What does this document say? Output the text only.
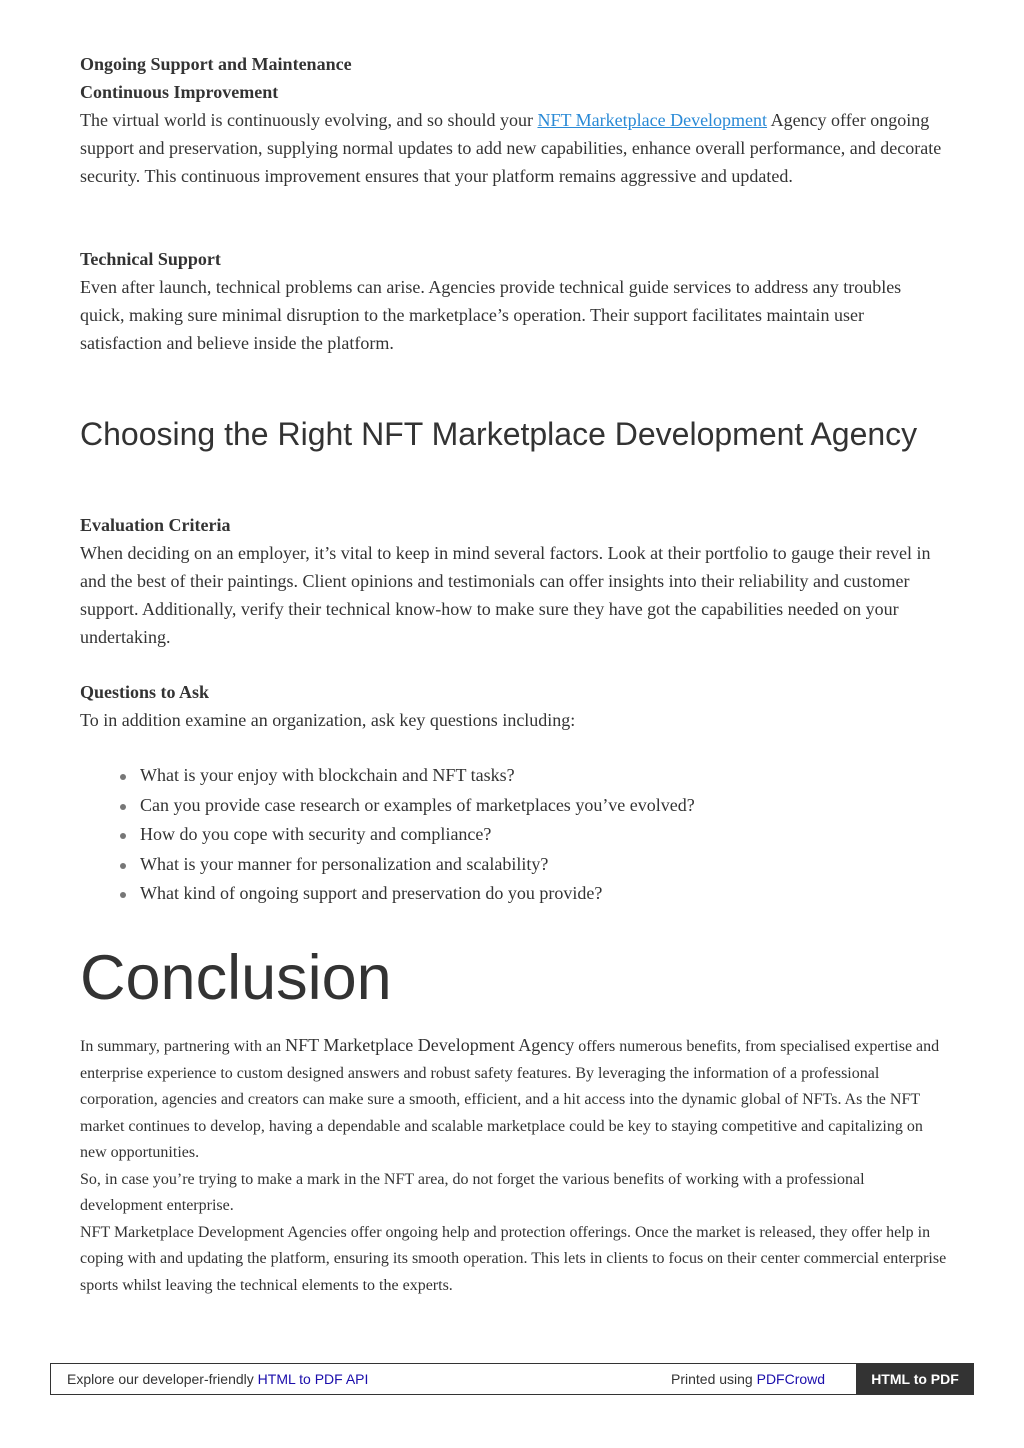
Ongoing Support and Maintenance
Continuous Improvement

The virtual world is continuously evolving, and so should your NFT Marketplace Development Agency offer ongoing support and preservation, supplying normal updates to add new capabilities, enhance overall performance, and decorate security. This continuous improvement ensures that your platform remains aggressive and updated.

Technical Support

Even after launch, technical problems can arise. Agencies provide technical guide services to address any troubles quick, making sure minimal disruption to the marketplace’s operation. Their support facilitates maintain user satisfaction and believe inside the platform.

Choosing the Right NFT Marketplace Development Agency
Evaluation Criteria

When deciding on an employer, it’s vital to keep in mind several factors. Look at their portfolio to gauge their revel in and the best of their paintings. Client opinions and testimonials can offer insights into their reliability and customer support. Additionally, verify their technical know-how to make sure they have got the capabilities needed on your undertaking.

Questions to Ask

To in addition examine an organization, ask key questions including:

What is your enjoy with blockchain and NFT tasks?
Can you provide case research or examples of marketplaces you’ve evolved?
How do you cope with security and compliance?
What is your manner for personalization and scalability?
What kind of ongoing support and preservation do you provide?
Conclusion

In summary, partnering with an NFT Marketplace Development Agency offers numerous benefits, from specialised expertise and enterprise experience to custom designed answers and robust safety features. By leveraging the information of a professional corporation, agencies and creators can make sure a smooth, efficient, and a hit access into the dynamic global of NFTs. As the NFT market continues to develop, having a dependable and scalable marketplace could be key to staying competitive and capitalizing on new opportunities.

So, in case you’re trying to make a mark in the NFT area, do not forget the various benefits of working with a professional development enterprise.

NFT Marketplace Development Agencies offer ongoing help and protection offerings. Once the market is released, they offer help in coping with and updating the platform, ensuring its smooth operation. This lets in clients to focus on their center commercial enterprise sports whilst leaving the technical elements to the experts.

Explore our developer-friendly HTML to PDF API	Printed using PDFCrowd	HTML to PDF
